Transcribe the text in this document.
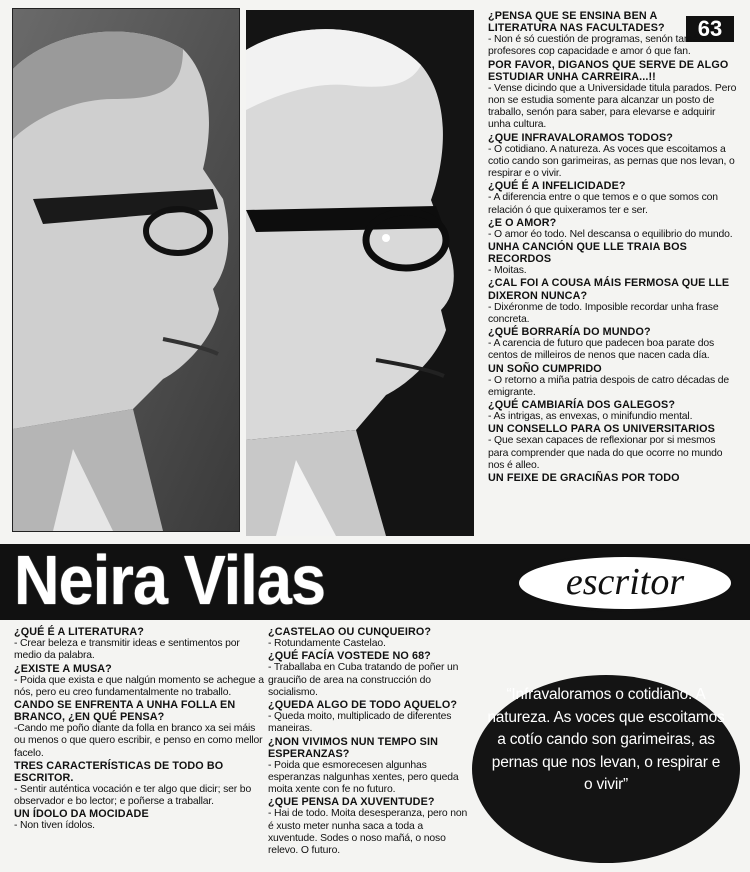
63

¿PENSA QUE SE ENSINA BEN A LITERATURA NAS FACULTADES?

- Non é só cuestión de programas, senón tamén de profesores cop capacidade e amor ó que fan.

POR FAVOR, DIGANOS QUE SERVE DE ALGO ESTUDIAR UNHA CARREIRA...!!

- Vense dicindo que a Universidade titula parados. Pero non se estudia somente para alcanzar un posto de traballo, senón para saber, para elevarse e adquirir unha cultura.

¿QUE INFRAVALORAMOS TODOS?

- O cotidiano. A natureza. As voces que escoitamos a cotio cando son garimeiras, as pernas que nos levan, o respirar e o vivir.

¿QUÉ É A INFELICIDADE?

- A diferencia entre o que temos e o que somos con relación ó que quixeramos ter e ser.

¿E O AMOR?

- O amor éo todo. Nel descansa o equilibrio do mundo.

UNHA CANCIÓN QUE LLE TRAIA BOS RECORDOS

- Moitas.

¿CAL FOI A COUSA MÁIS FERMOSA QUE LLE DIXERON NUNCA?

- Dixéronme de todo. Imposible recordar unha frase concreta.

¿QUÉ BORRARÍA DO MUNDO?

- A carencia de futuro que padecen boa parate dos centos de milleiros de nenos que nacen cada día.

UN SOÑO CUMPRIDO

- O retorno a miña patria despois de catro décadas de emigrante.

¿QUÉ CAMBIARÍA DOS GALEGOS?

- As intrigas, as envexas, o minifundio mental.

UN CONSELLO PARA OS UNIVERSITARIOS

- Que sexan capaces de reflexionar por si mesmos para comprender que nada do que ocorre no mundo nos é alleo.

UN FEIXE DE GRACIÑAS POR TODO

Neira Vilas	escritor

¿QUÉ É A LITERATURA?

- Crear beleza e transmitir ideas e sentimentos por medio da palabra.

¿EXISTE A MUSA?

- Poida que exista e que nalgún momento se achegue a nós, pero eu creo fundamentalmente no traballo.

CANDO SE ENFRENTA A UNHA FOLLA EN BRANCO, ¿EN QUÉ PENSA?

-Cando me poño diante da folla en branco xa sei máis ou menos o que quero escribir, e penso en como mellor facelo.

TRES CARACTERÍSTICAS DE TODO BO ESCRITOR.

- Sentir auténtica vocación e ter algo que dicir; ser bo observador e bo lector; e poñerse a traballar.

UN ÍDOLO DA MOCIDADE

- Non tiven ídolos.

¿CASTELAO OU CUNQUEIRO?

- Rotundamente Castelao.

¿QUÉ FACÍA VOSTEDE NO 68?

- Traballaba en Cuba tratando de poñer un grauciño de area na construcción do socialismo.

¿QUEDA ALGO DE TODO AQUELO?

- Queda moito, multiplicado de diferentes maneiras.

¿NON VIVIMOS NUN TEMPO SIN ESPERANZAS?

- Poida que esmorecesen algunhas esperanzas nalgunhas xentes, pero queda moita xente con fe no futuro.

¿QUE PENSA DA XUVENTUDE?

- Hai de todo. Moita desesperanza, pero non é xusto meter nunha saca a toda a xuventude. Sodes o noso mañá, o noso relevo. O futuro.

“Infravaloramos o cotidiano. A natureza. As voces que escoitamos a cotío cando son garimeiras, as pernas que nos levan, o respirar e o vivir”
